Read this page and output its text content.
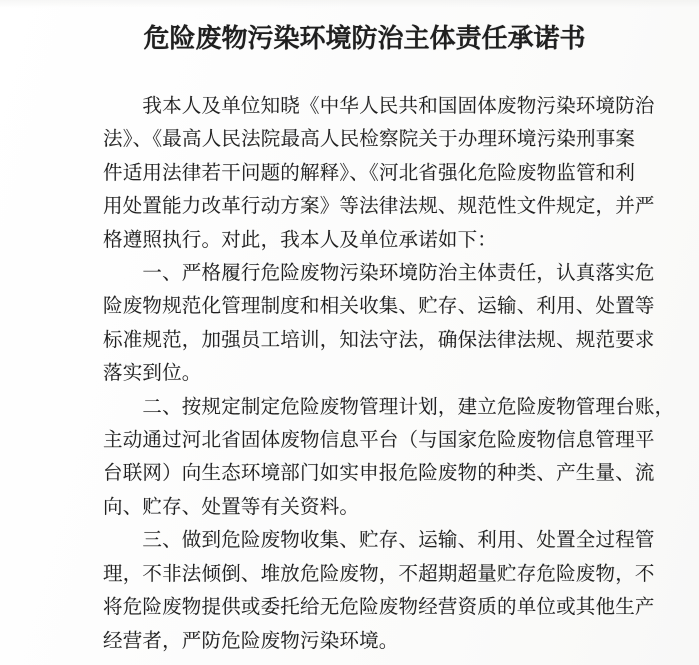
危险废物污染环境防治主体责任承诺书
　　我本人及单位知晓《中华人民共和国固体废物污染环境防治
法》、《最高人民法院最高人民检察院关于办理环境污染刑事案
件适用法律若干问题的解释》、《河北省强化危险废物监管和利
用处置能力改革行动方案》等法律法规、规范性文件规定，并严
格遵照执行。对此，我本人及单位承诺如下：
　　一、严格履行危险废物污染环境防治主体责任，认真落实危
险废物规范化管理制度和相关收集、贮存、运输、利用、处置等
标准规范，加强员工培训，知法守法，确保法律法规、规范要求
落实到位。
　　二、按规定制定危险废物管理计划，建立危险废物管理台账，
主动通过河北省固体废物信息平台（与国家危险废物信息管理平
台联网）向生态环境部门如实申报危险废物的种类、产生量、流
向、贮存、处置等有关资料。
　　三、做到危险废物收集、贮存、运输、利用、处置全过程管
理，不非法倾倒、堆放危险废物，不超期超量贮存危险废物，不
将危险废物提供或委托给无危险废物经营资质的单位或其他生产
经营者，严防危险废物污染环境。
